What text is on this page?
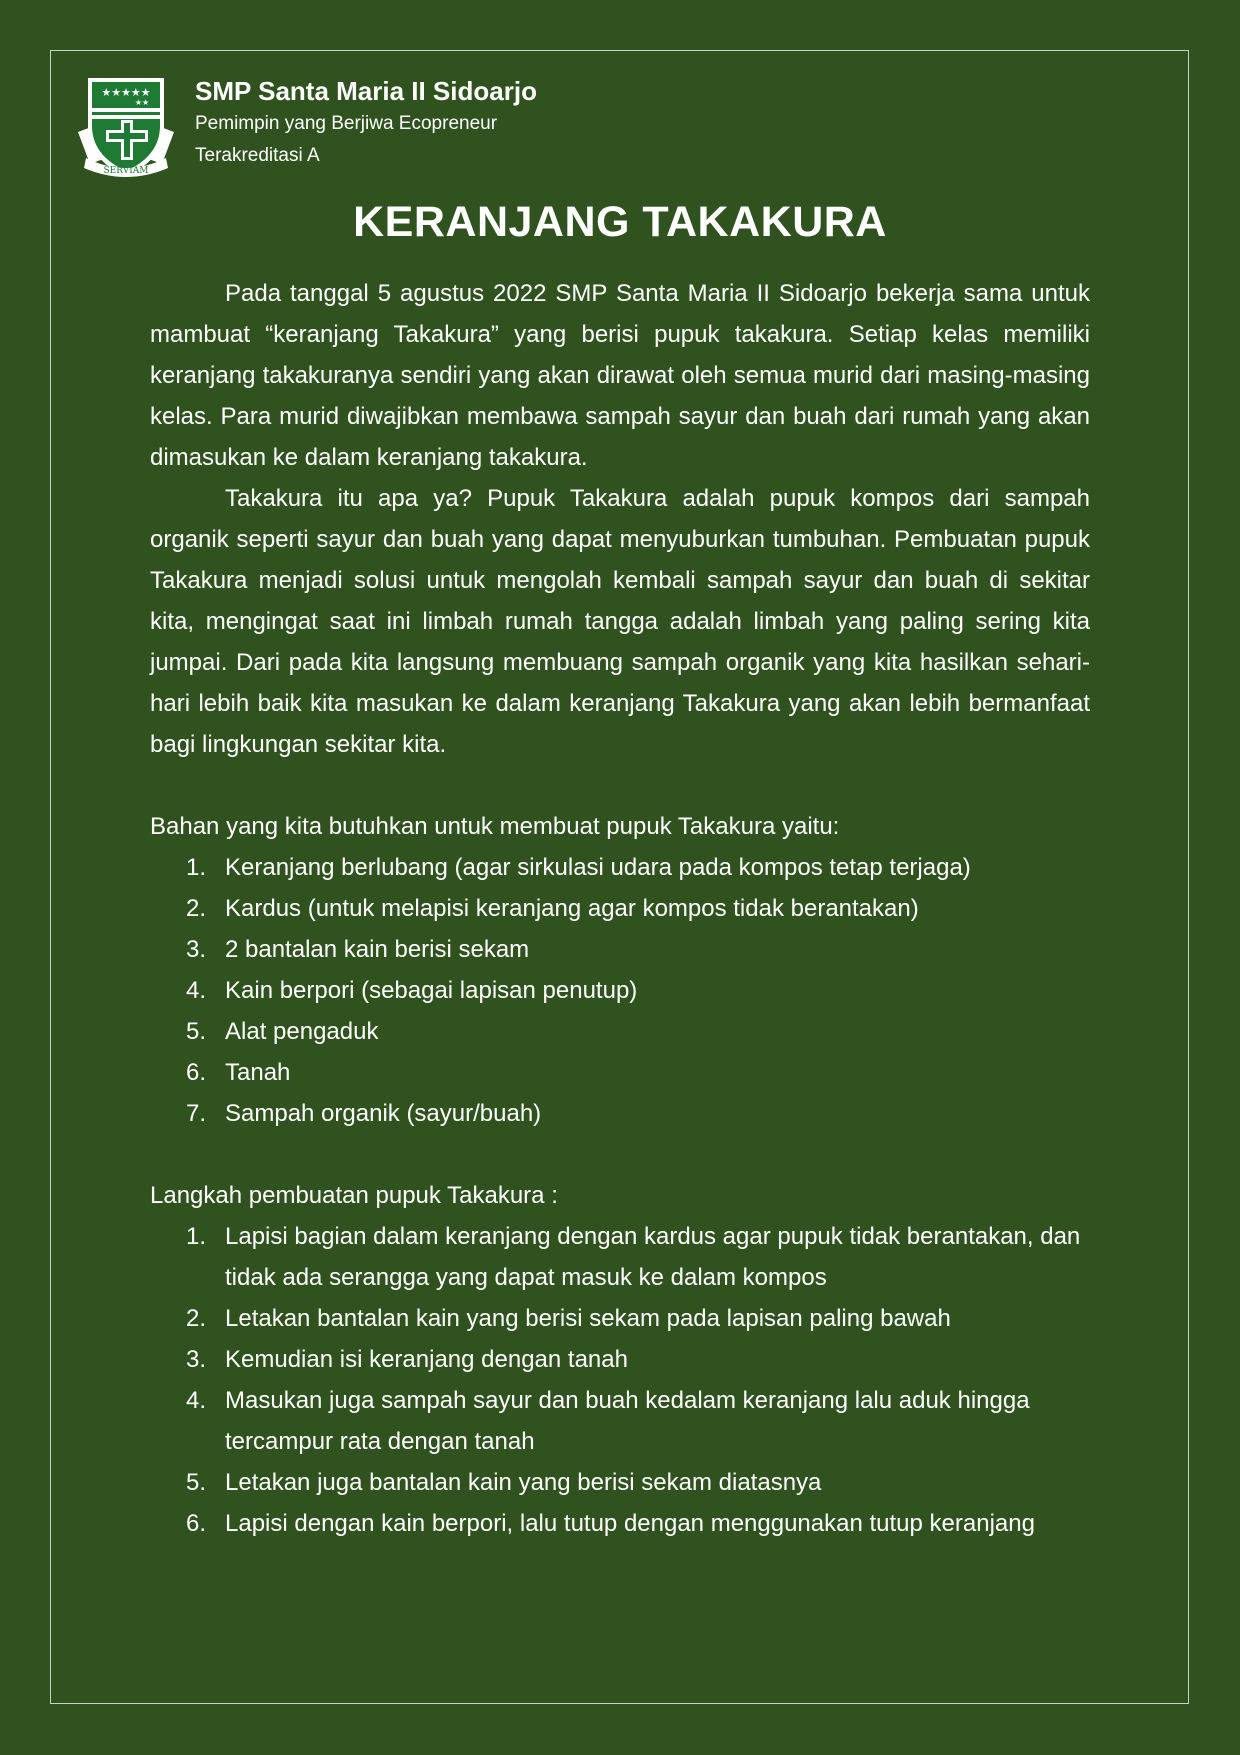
★★★★★
★★
SERVIAM
SMP Santa Maria II Sidoarjo
Pemimpin yang Berjiwa Ecopreneur
Terakreditasi A
KERANJANG TAKAKURA

Pada tanggal 5 agustus 2022 SMP Santa Maria II Sidoarjo bekerja sama untuk mambuat “keranjang Takakura” yang berisi pupuk takakura. Setiap kelas memiliki keranjang takakuranya sendiri yang akan dirawat oleh semua murid dari masing-masing kelas. Para murid diwajibkan membawa sampah sayur dan buah dari rumah yang akan dimasukan ke dalam keranjang takakura.

Takakura itu apa ya? Pupuk Takakura adalah pupuk kompos dari sampah organik seperti sayur dan buah yang dapat menyuburkan tumbuhan. Pembuatan pupuk Takakura menjadi solusi untuk mengolah kembali sampah sayur dan buah di sekitar kita, mengingat saat ini limbah rumah tangga adalah limbah yang paling sering kita jumpai. Dari pada kita langsung membuang sampah organik yang kita hasilkan sehari-hari lebih baik kita masukan ke dalam keranjang Takakura yang akan lebih bermanfaat bagi lingkungan sekitar kita.

Bahan yang kita butuhkan untuk membuat pupuk Takakura yaitu:

1. Keranjang berlubang (agar sirkulasi udara pada kompos tetap terjaga)
2. Kardus (untuk melapisi keranjang agar kompos tidak berantakan)
3. 2 bantalan kain berisi sekam
4. Kain berpori (sebagai lapisan penutup)
5. Alat pengaduk
6. Tanah
7. Sampah organik (sayur/buah)

Langkah pembuatan pupuk Takakura :

1. Lapisi bagian dalam keranjang dengan kardus agar pupuk tidak berantakan, dan tidak ada serangga yang dapat masuk ke dalam kompos
2. Letakan bantalan kain yang berisi sekam pada lapisan paling bawah
3. Kemudian isi keranjang dengan tanah
4. Masukan juga sampah sayur dan buah kedalam keranjang lalu aduk hingga tercampur rata dengan tanah
5. Letakan juga bantalan kain yang berisi sekam diatasnya
6. Lapisi dengan kain berpori, lalu tutup dengan menggunakan tutup keranjang
